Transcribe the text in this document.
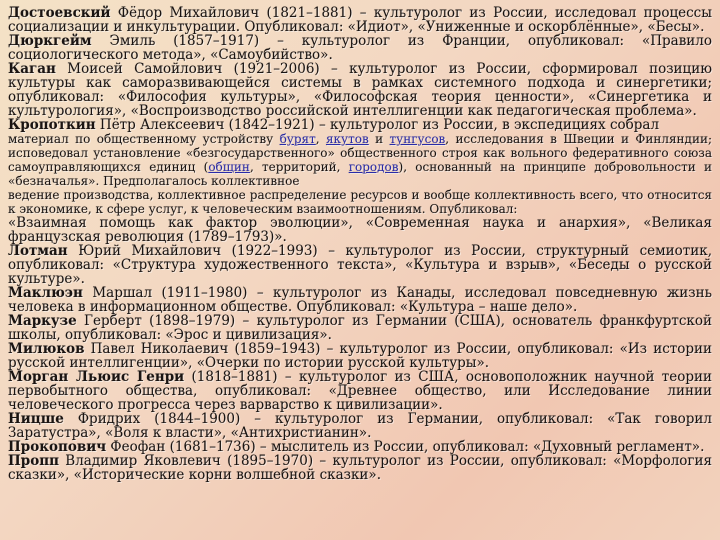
Достоевский Фёдор Михайлович (1821–1881) – культуролог из России, исследовал процессы социализации и инкультурации. Опубликовал: «Идиот», «Униженные и оскорблённые», «Бесы».

Дюркгейм Эмиль (1857–1917) – культуролог из Франции, опубликовал: «Правило социологического метода», «Самоубийство».

Каган Моисей Самойлович (1921–2006) – культуролог из России, сформировал позицию культуры как саморазвивающейся системы в рамках системного подхода и синергетики; опубликовал: «Философия культуры», «Философская теория ценности», «Синергетика и культурология», «Воспроизводство российской интеллигенции как педагогическая проблема».

Кропоткин Пётр Алексеевич (1842–1921) – культуролог из России, в экспедициях собрал

материал по общественному устройству бурят, якутов и тунгусов, исследования в Швеции и Финляндии; исповедовал установление «безгосударственного» общественного строя как вольного федеративного союза самоуправляющихся единиц (общин, территорий, городов), основанный на принципе добровольности и «безначалья». Предполагалось коллективное

ведение производства, коллективное распределение ресурсов и вообще коллективность всего, что относится к экономике, к сфере услуг, к человеческим взаимоотношениям. Опубликовал:

«Взаимная помощь как фактор эволюции», «Современная наука и анархия», «Великая французская революция (1789–1793)».

Лотман Юрий Михайлович (1922–1993) – культуролог из России, структурный семиотик, опубликовал: «Структура художественного текста», «Культура и взрыв», «Беседы о русской культуре».

Маклюэн Маршал (1911–1980) – культуролог из Канады, исследовал повседневную жизнь человека в информационном обществе. Опубликовал: «Культура – наше дело».

Маркузе Герберт (1898–1979) – культуролог из Германии (США), основатель франкфуртской школы, опубликовал: «Эрос и цивилизация».

Милюков Павел Николаевич (1859–1943) – культуролог из России, опубликовал: «Из истории русской интеллигенции», «Очерки по истории русской культуры».

Морган Льюис Генри (1818–1881) – культуролог из США, основоположник научной теории первобытного общества, опубликовал: «Древнее общество, или Исследование линии человеческого прогресса через варварство к цивилизации».

Ницше Фридрих (1844–1900) – культуролог из Германии, опубликовал: «Так говорил Заратустра», «Воля к власти», «Антихристианин».

Прокопович Феофан (1681–1736) – мыслитель из России, опубликовал: «Духовный регламент».

Пропп Владимир Яковлевич (1895–1970) – культуролог из России, опубликовал: «Морфология сказки», «Исторические корни волшебной сказки».
